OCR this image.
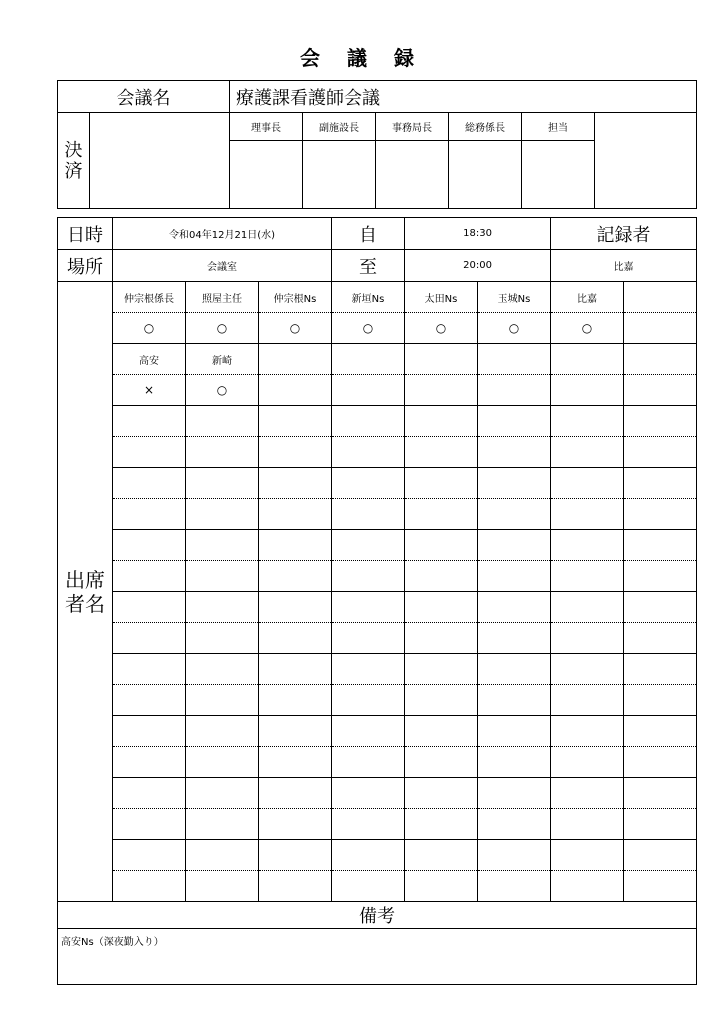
会 議 録
会議名		療護課看護師会議					
決済		理事長	副施設長	事務局長	総務係長	担当	

日時	令和04年12月21日(水)			自	18:30		記録者	
場所	会議室			至	20:00		比嘉	
出席者名	仲宗根係長	照屋主任	仲宗根Ns	新垣Ns	太田Ns	玉城Ns	比嘉	
	○	○	○	○	○	○	○	
	高安	新崎						
	×	○						

備考								
高安Ns（深夜勤入り）								
